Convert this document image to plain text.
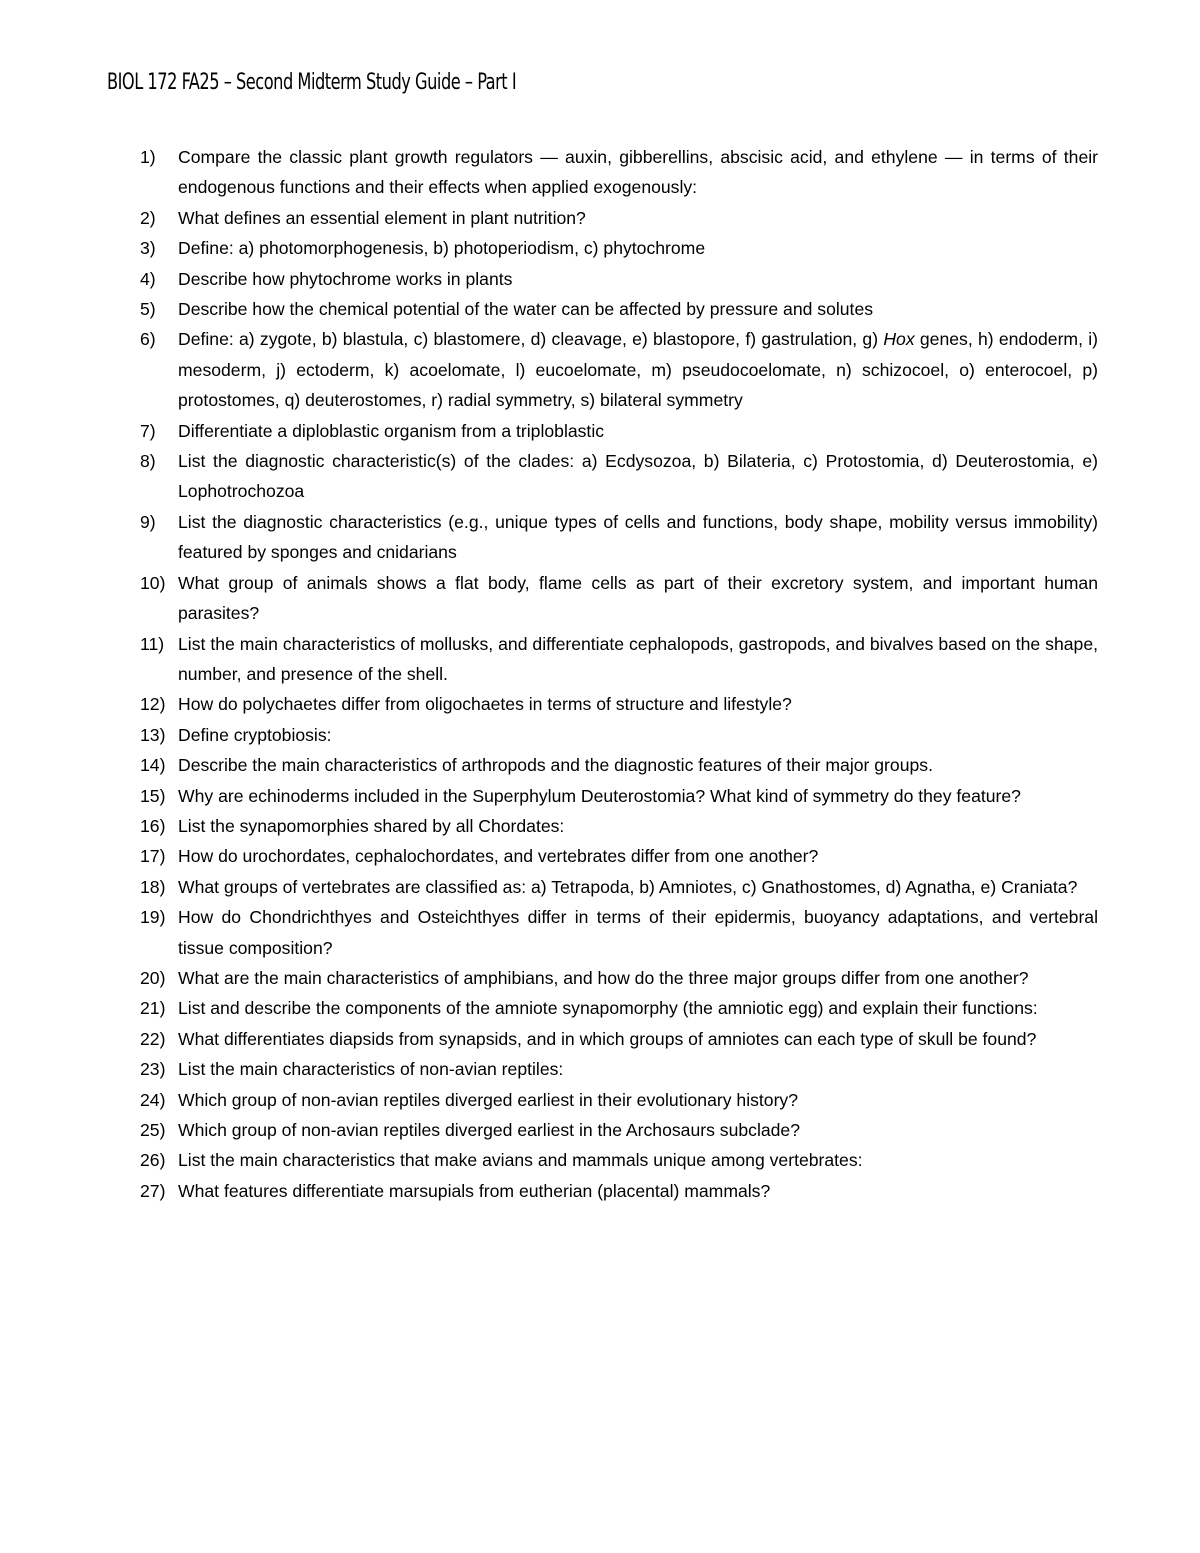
BIOL 172 FA25 – Second Midterm Study Guide – Part I
1) Compare the classic plant growth regulators — auxin, gibberellins, abscisic acid, and ethylene — in terms of their endogenous functions and their effects when applied exogenously:
2) What defines an essential element in plant nutrition?
3) Define: a) photomorphogenesis, b) photoperiodism, c) phytochrome
4) Describe how phytochrome works in plants
5) Describe how the chemical potential of the water can be affected by pressure and solutes
6) Define: a) zygote, b) blastula, c) blastomere, d) cleavage, e) blastopore, f) gastrulation, g) Hox genes, h) endoderm, i) mesoderm, j) ectoderm, k) acoelomate, l) eucoelomate, m) pseudocoelomate, n) schizocoel, o) enterocoel, p) protostomes, q) deuterostomes, r) radial symmetry, s) bilateral symmetry
7) Differentiate a diploblastic organism from a triploblastic
8) List the diagnostic characteristic(s) of the clades: a) Ecdysozoa, b) Bilateria, c) Protostomia, d) Deuterostomia, e) Lophotrochozoa
9) List the diagnostic characteristics (e.g., unique types of cells and functions, body shape, mobility versus immobility) featured by sponges and cnidarians
10) What group of animals shows a flat body, flame cells as part of their excretory system, and important human parasites?
11) List the main characteristics of mollusks, and differentiate cephalopods, gastropods, and bivalves based on the shape, number, and presence of the shell.
12) How do polychaetes differ from oligochaetes in terms of structure and lifestyle?
13) Define cryptobiosis:
14) Describe the main characteristics of arthropods and the diagnostic features of their major groups.
15) Why are echinoderms included in the Superphylum Deuterostomia? What kind of symmetry do they feature?
16) List the synapomorphies shared by all Chordates:
17) How do urochordates, cephalochordates, and vertebrates differ from one another?
18) What groups of vertebrates are classified as: a) Tetrapoda, b) Amniotes, c) Gnathostomes, d) Agnatha, e) Craniata?
19) How do Chondrichthyes and Osteichthyes differ in terms of their epidermis, buoyancy adaptations, and vertebral tissue composition?
20) What are the main characteristics of amphibians, and how do the three major groups differ from one another?
21) List and describe the components of the amniote synapomorphy (the amniotic egg) and explain their functions:
22) What differentiates diapsids from synapsids, and in which groups of amniotes can each type of skull be found?
23) List the main characteristics of non-avian reptiles:
24) Which group of non-avian reptiles diverged earliest in their evolutionary history?
25) Which group of non-avian reptiles diverged earliest in the Archosaurs subclade?
26) List the main characteristics that make avians and mammals unique among vertebrates:
27) What features differentiate marsupials from eutherian (placental) mammals?
